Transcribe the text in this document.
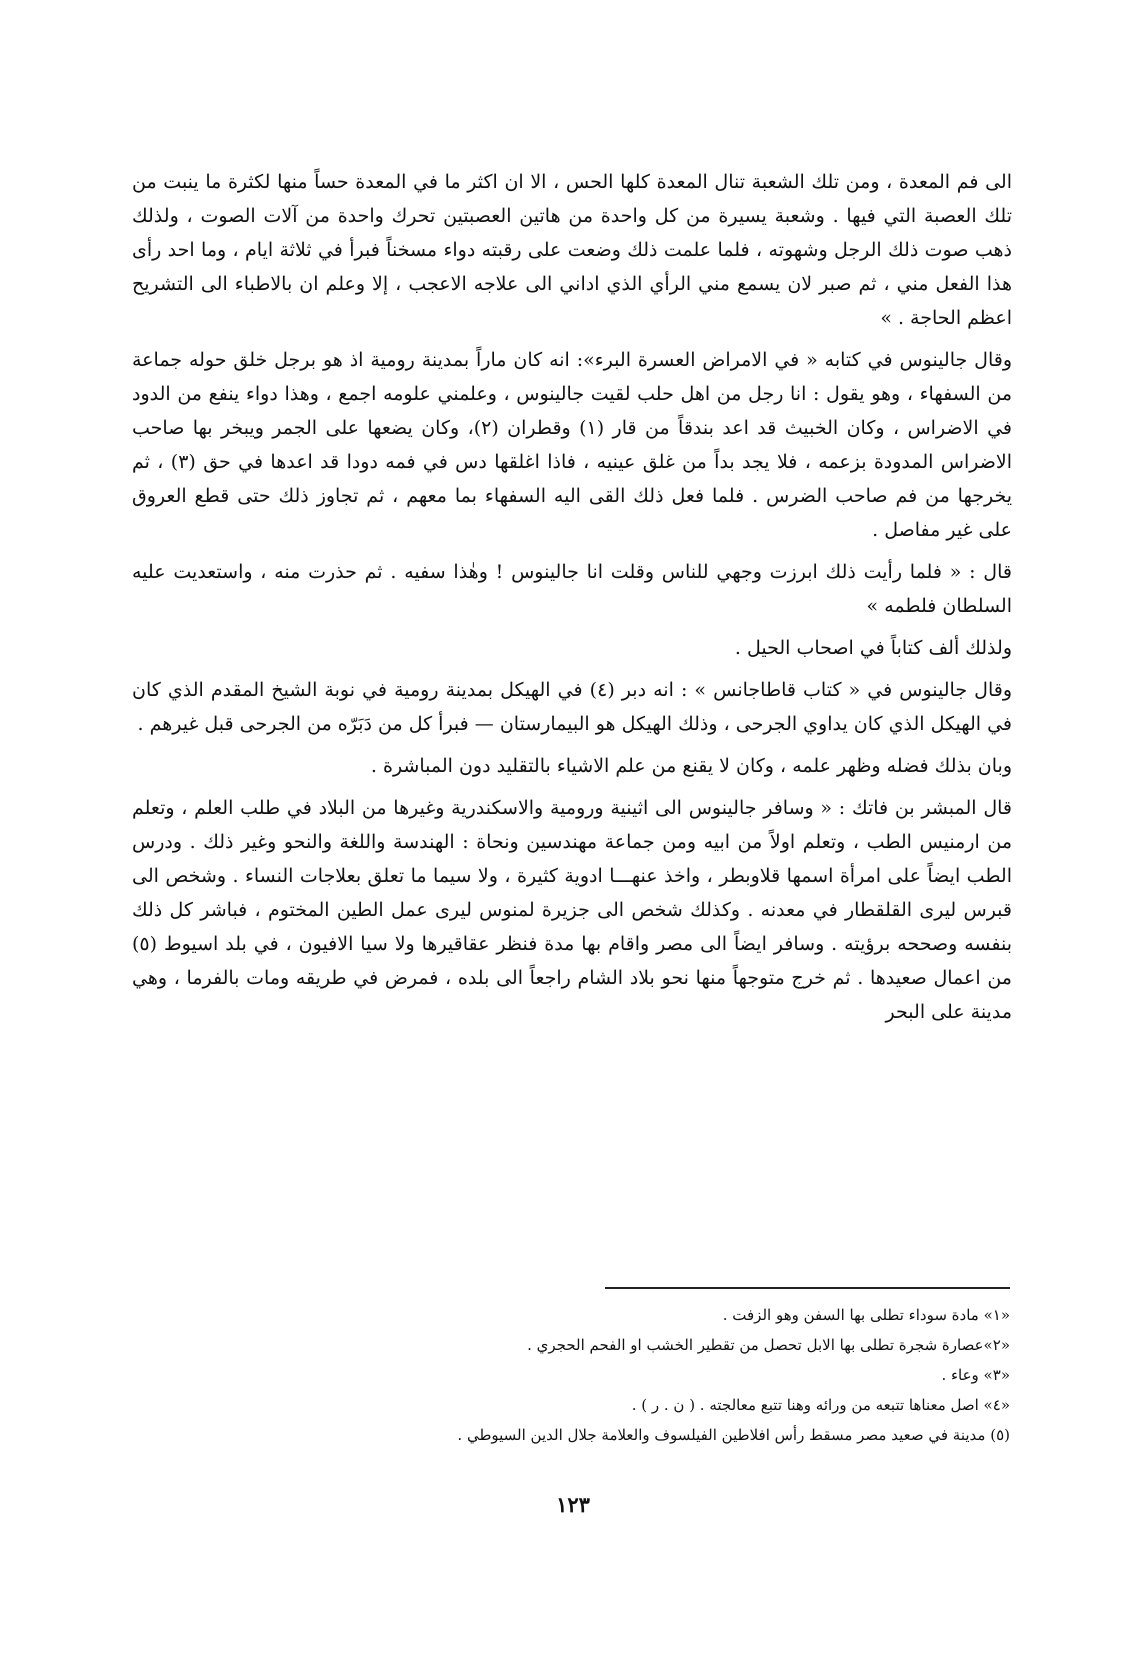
الى فم المعدة ، ومن تلك الشعبة تنال المعدة كلها الحس ، الا ان اكثر ما في المعدة حساً منها لكثرة ما ينبت من تلك العصبة التي فيها . وشعبة يسيرة من كل واحدة من هاتين العصبتين تحرك واحدة من آلات الصوت ، ولذلك ذهب صوت ذلك الرجل وشهوته ، فلما علمت ذلك وضعت على رقبته دواء مسخناً فبرأ في ثلاثة ايام ، وما احد رأى هذا الفعل مني ، ثم صبر لان يسمع مني الرأي الذي اداني الى علاجه الاعجب ، إلا وعلم ان بالاطباء الى التشريح اعظم الحاجة . »

وقال جالينوس في كتابه « في الامراض العسرة البرء»: انه كان ماراً بمدينة رومية اذ هو برجل خلق حوله جماعة من السفهاء ، وهو يقول : انا رجل من اهل حلب لقيت جالينوس ، وعلمني علومه اجمع ، وهذا دواء ينفع من الدود في الاضراس ، وكان الخبيث قد اعد بندقاً من قار (١) وقطران (٢)، وكان يضعها على الجمر ويبخر بها صاحب الاضراس المدودة بزعمه ، فلا يجد بداً من غلق عينيه ، فاذا اغلقها دس في فمه دودا قد اعدها في حق (٣) ، ثم يخرجها من فم صاحب الضرس . فلما فعل ذلك القى اليه السفهاء بما معهم ، ثم تجاوز ذلك حتى قطع العروق على غير مفاصل .

قال : « فلما رأيت ذلك ابرزت وجهي للناس وقلت انا جالينوس ! وهٰذا سفيه . ثم حذرت منه ، واستعديت عليه السلطان فلطمه »

ولذلك ألف كتاباً في اصحاب الحيل .

وقال جالينوس في « كتاب قاطاجانس » : انه دبر (٤) في الهيكل بمدينة رومية في نوبة الشيخ المقدم الذي كان في الهيكل الذي كان يداوي الجرحى ، وذلك الهيكل هو البيمارستان — فبرأ كل من دَبَرّه من الجرحى قبل غيرهم .

وبان بذلك فضله وظهر علمه ، وكان لا يقنع من علم الاشياء بالتقليد دون المباشرة .

قال المبشر بن فاتك : « وسافر جالينوس الى اثينية ورومية والاسكندرية وغيرها من البلاد في طلب العلم ، وتعلم من ارمنيس الطب ، وتعلم اولاً من ابيه ومن جماعة مهندسين ونحاة : الهندسة واللغة والنحو وغير ذلك . ودرس الطب ايضاً على امرأة اسمها قلاوبطر ، واخذ عنهـــا ادوية كثيرة ، ولا سيما ما تعلق بعلاجات النساء . وشخص الى قبرس ليرى القلقطار في معدنه . وكذلك شخص الى جزيرة لمنوس ليرى عمل الطين المختوم ، فباشر كل ذلك بنفسه وصححه برؤيته . وسافر ايضاً الى مصر واقام بها مدة فنظر عقاقيرها ولا سيا الافيون ، في بلد اسيوط (٥) من اعمال صعيدها . ثم خرج متوجهاً منها نحو بلاد الشام راجعاً الى بلده ، فمرض في طريقه ومات بالفرما ، وهي مدينة على البحر

«١» مادة سوداء تطلى بها السفن وهو الزفت .

«٢»عصارة شجرة تطلى بها الابل تحصل من تقطير الخشب او الفحم الحجري .

«٣» وعاء .

«٤» اصل معناها تتبعه من ورائه وهنا تتبع معالجته . ( ن . ر ) .

(٥) مدينة في صعيد مصر مسقط رأس افلاطين الفيلسوف والعلامة جلال الدين السيوطي .

١٢٣
